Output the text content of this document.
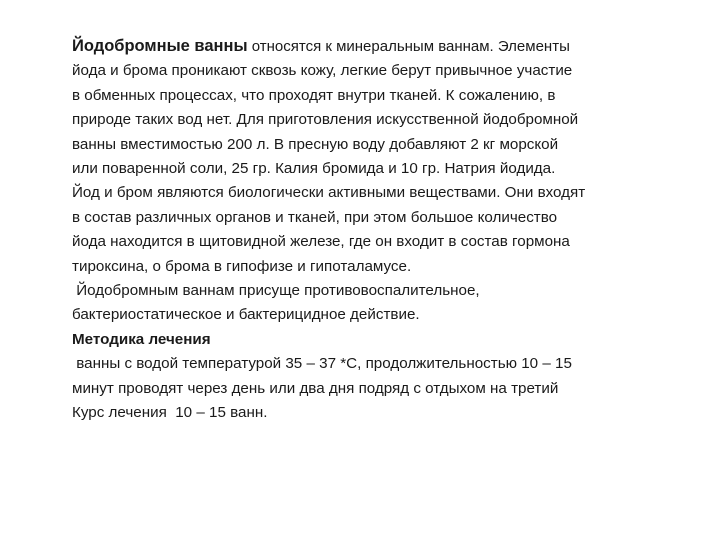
Йодобромные ванны относятся к минеральным ваннам. Элементы
йода и брома проникают сквозь кожу, легкие берут привычное участие
в обменных процессах, что проходят внутри тканей. К сожалению, в
природе таких вод нет. Для приготовления искусственной йодобромной
ванны вместимостью 200 л. В пресную воду добавляют 2 кг морской
или поваренной соли, 25 гр. Калия бромида и 10 гр. Натрия йодида.
Йод и бром являются биологически активными веществами. Они входят
в состав различных органов и тканей, при этом большое количество
йода находится в щитовидной железе, где он входит в состав гормона
тироксина, о брома в гипофизе и гипоталамусе.
Йодобромным ваннам присуще противовоспалительное,
бактериостатическое и бактерицидное действие.
Методика лечения
ванны с водой температурой 35 – 37 *С, продолжительностью 10 – 15
минут проводят через день или два дня подряд с отдыхом на третий
Курс лечения  10 – 15 ванн.
